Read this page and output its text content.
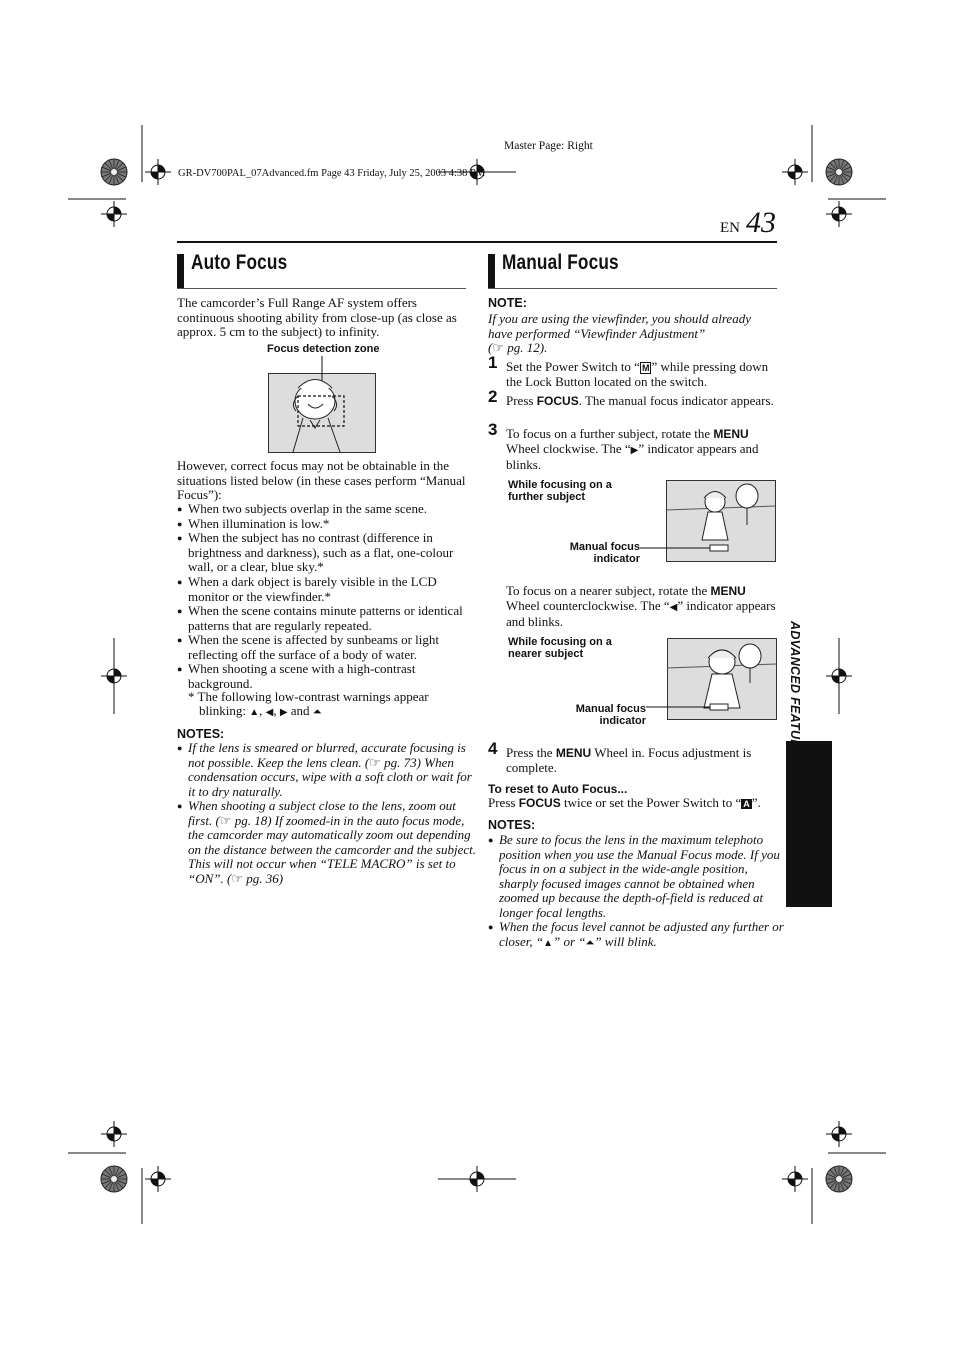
Master Page: Right
GR-DV700PAL_07Advanced.fm Page 43 Friday, July 25, 2003 4:38 PM
EN 43
ADVANCED FEATURES
Auto Focus
The camcorder’s Full Range AF system offers continuous shooting ability from close-up (as close as approx. 5 cm to the subject) to infinity.
Focus detection zone
However, correct focus may not be obtainable in the situations listed below (in these cases perform “Manual Focus”):
● When two subjects overlap in the same scene.
● When illumination is low.*
● When the subject has no contrast (difference in brightness and darkness), such as a flat, one-colour wall, or a clear, blue sky.*
● When a dark object is barely visible in the LCD monitor or the viewfinder.*
● When the scene contains minute patterns or identical patterns that are regularly repeated.
● When the scene is affected by sunbeams or light reflecting off the surface of a body of water.
● When shooting a scene with a high-contrast background.
* The following low-contrast warnings appear
blinking: ▲, ◀, ▶ and ⏶
NOTES:
● If the lens is smeared or blurred, accurate focusing is not possible. Keep the lens clean. (☞ pg. 73) When condensation occurs, wipe with a soft cloth or wait for it to dry naturally.
● When shooting a subject close to the lens, zoom out first. (☞ pg. 18) If zoomed-in in the auto focus mode, the camcorder may automatically zoom out depending on the distance between the camcorder and the subject. This will not occur when “TELE MACRO” is set to “ON”. (☞ pg. 36)
Manual Focus
NOTE:
If you are using the viewfinder, you should already have performed “Viewfinder Adjustment”
(☞ pg. 12).
1 Set the Power Switch to “ M ” while pressing down the Lock Button located on the switch.
2 Press FOCUS. The manual focus indicator appears.
3 To focus on a further subject, rotate the MENU Wheel clockwise. The “▶” indicator appears and blinks.
While focusing on a further subject
Manual focus indicator
To focus on a nearer subject, rotate the MENU Wheel counterclockwise. The “◀” indicator appears and blinks.
While focusing on a nearer subject
Manual focus indicator
4 Press the MENU Wheel in. Focus adjustment is complete.
To reset to Auto Focus...
Press FOCUS twice or set the Power Switch to “ A ”.
NOTES:
● Be sure to focus the lens in the maximum telephoto position when you use the Manual Focus mode. If you focus in on a subject in the wide-angle position, sharply focused images cannot be obtained when zoomed up because the depth-of-field is reduced at longer focal lengths.
● When the focus level cannot be adjusted any further or closer, “▲” or “⏶” will blink.
